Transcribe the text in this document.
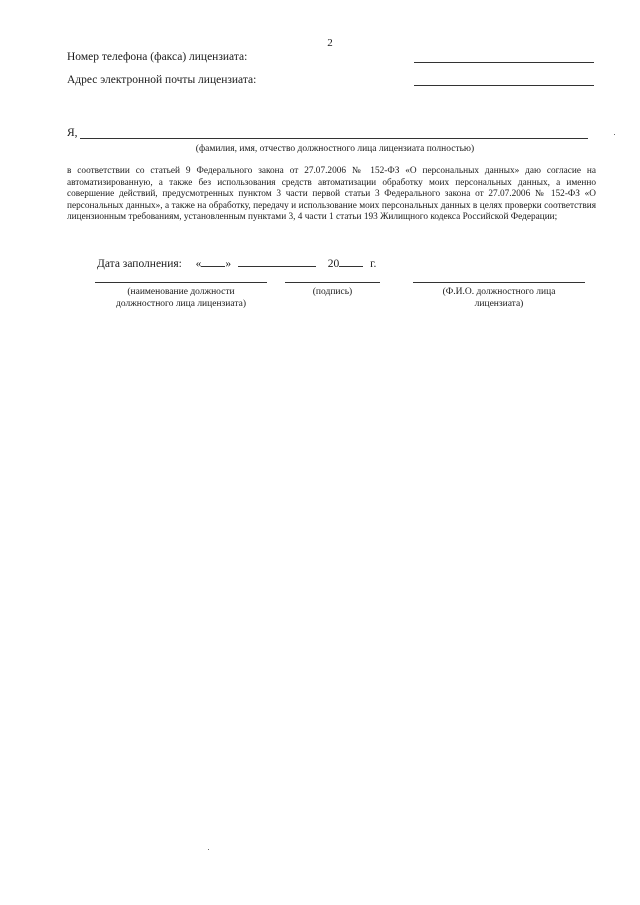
2
Номер телефона (факса) лицензиата:
Адрес электронной почты лицензиата:
Я,
(фамилия, имя, отчество должностного лица лицензиата полностью)
в соответствии со статьей 9 Федерального закона от 27.07.2006 № 152-ФЗ «О персональных данных» даю согласие на автоматизированную, а также без использования средств автоматизации обработку моих персональных данных, а именно совершение действий, предусмотренных пунктом 3 части первой статьи 3 Федерального закона от 27.07.2006 № 152-ФЗ «О персональных данных», а также на обработку, передачу и использование моих персональных данных в целях проверки соответствия лицензионным требованиям, установленным пунктами 3, 4 части 1 статьи 193 Жилищного кодекса Российской Федерации;
Дата заполнения: « »	20	г.
(наименование должности
должностного лица лицензиата)
(подпись)	(Ф.И.О. должностного лица
лицензиата)
